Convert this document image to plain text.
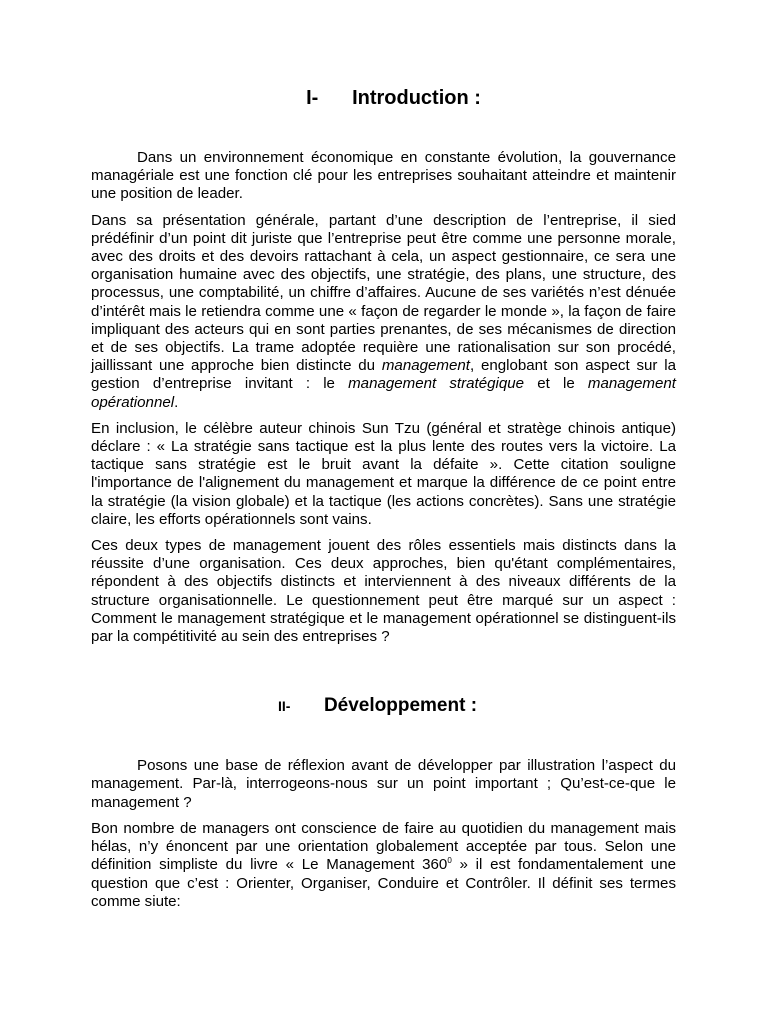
I-	Introduction :

Dans un environnement économique en constante évolution, la gouvernance managériale est une fonction clé pour les entreprises souhaitant atteindre et maintenir une position de leader.

Dans sa présentation générale, partant d’une description de l’entreprise, il sied prédéfinir d’un point dit juriste que l’entreprise peut être comme une personne morale, avec des droits et des devoirs rattachant à cela, un aspect gestionnaire, ce sera une organisation humaine avec des objectifs, une stratégie, des plans, une structure, des processus, une comptabilité, un chiffre d’affaires. Aucune de ses variétés n’est dénuée d’intérêt mais le retiendra comme une « façon de regarder le monde », la façon de faire impliquant des acteurs qui en sont parties prenantes, de ses mécanismes de direction et de ses objectifs. La trame adoptée requière une rationalisation sur son procédé, jaillissant une approche bien distincte du management, englobant son aspect sur la gestion d’entreprise invitant : le management stratégique et le management opérationnel.

En inclusion, le célèbre auteur chinois Sun Tzu (général et stratège chinois antique) déclare : « La stratégie sans tactique est la plus lente des routes vers la victoire. La tactique sans stratégie est le bruit avant la défaite ». Cette citation souligne l'importance de l'alignement du management et marque la différence de ce point entre la stratégie (la vision globale) et la tactique (les actions concrètes). Sans une stratégie claire, les efforts opérationnels sont vains.

Ces deux types de management jouent des rôles essentiels mais distincts dans la réussite d’une organisation. Ces deux approches, bien qu'étant complémentaires, répondent à des objectifs distincts et interviennent à des niveaux différents de la structure organisationnelle. Le questionnement peut être marqué sur un aspect : Comment le management stratégique et le management opérationnel se distinguent-ils par la compétitivité au sein des entreprises ?

II-	Développement :

Posons une base de réflexion avant de développer par illustration l’aspect du management. Par-là, interrogeons-nous sur un point important ; Qu’est-ce-que le management ?

Bon nombre de managers ont conscience de faire au quotidien du management mais hélas, n’y énoncent par une orientation globalement acceptée par tous. Selon une définition simpliste du livre « Le Management $360^0$ » il est fondamentalement une question que c’est : Orienter, Organiser, Conduire et Contrôler. Il définit ses termes comme siute:
